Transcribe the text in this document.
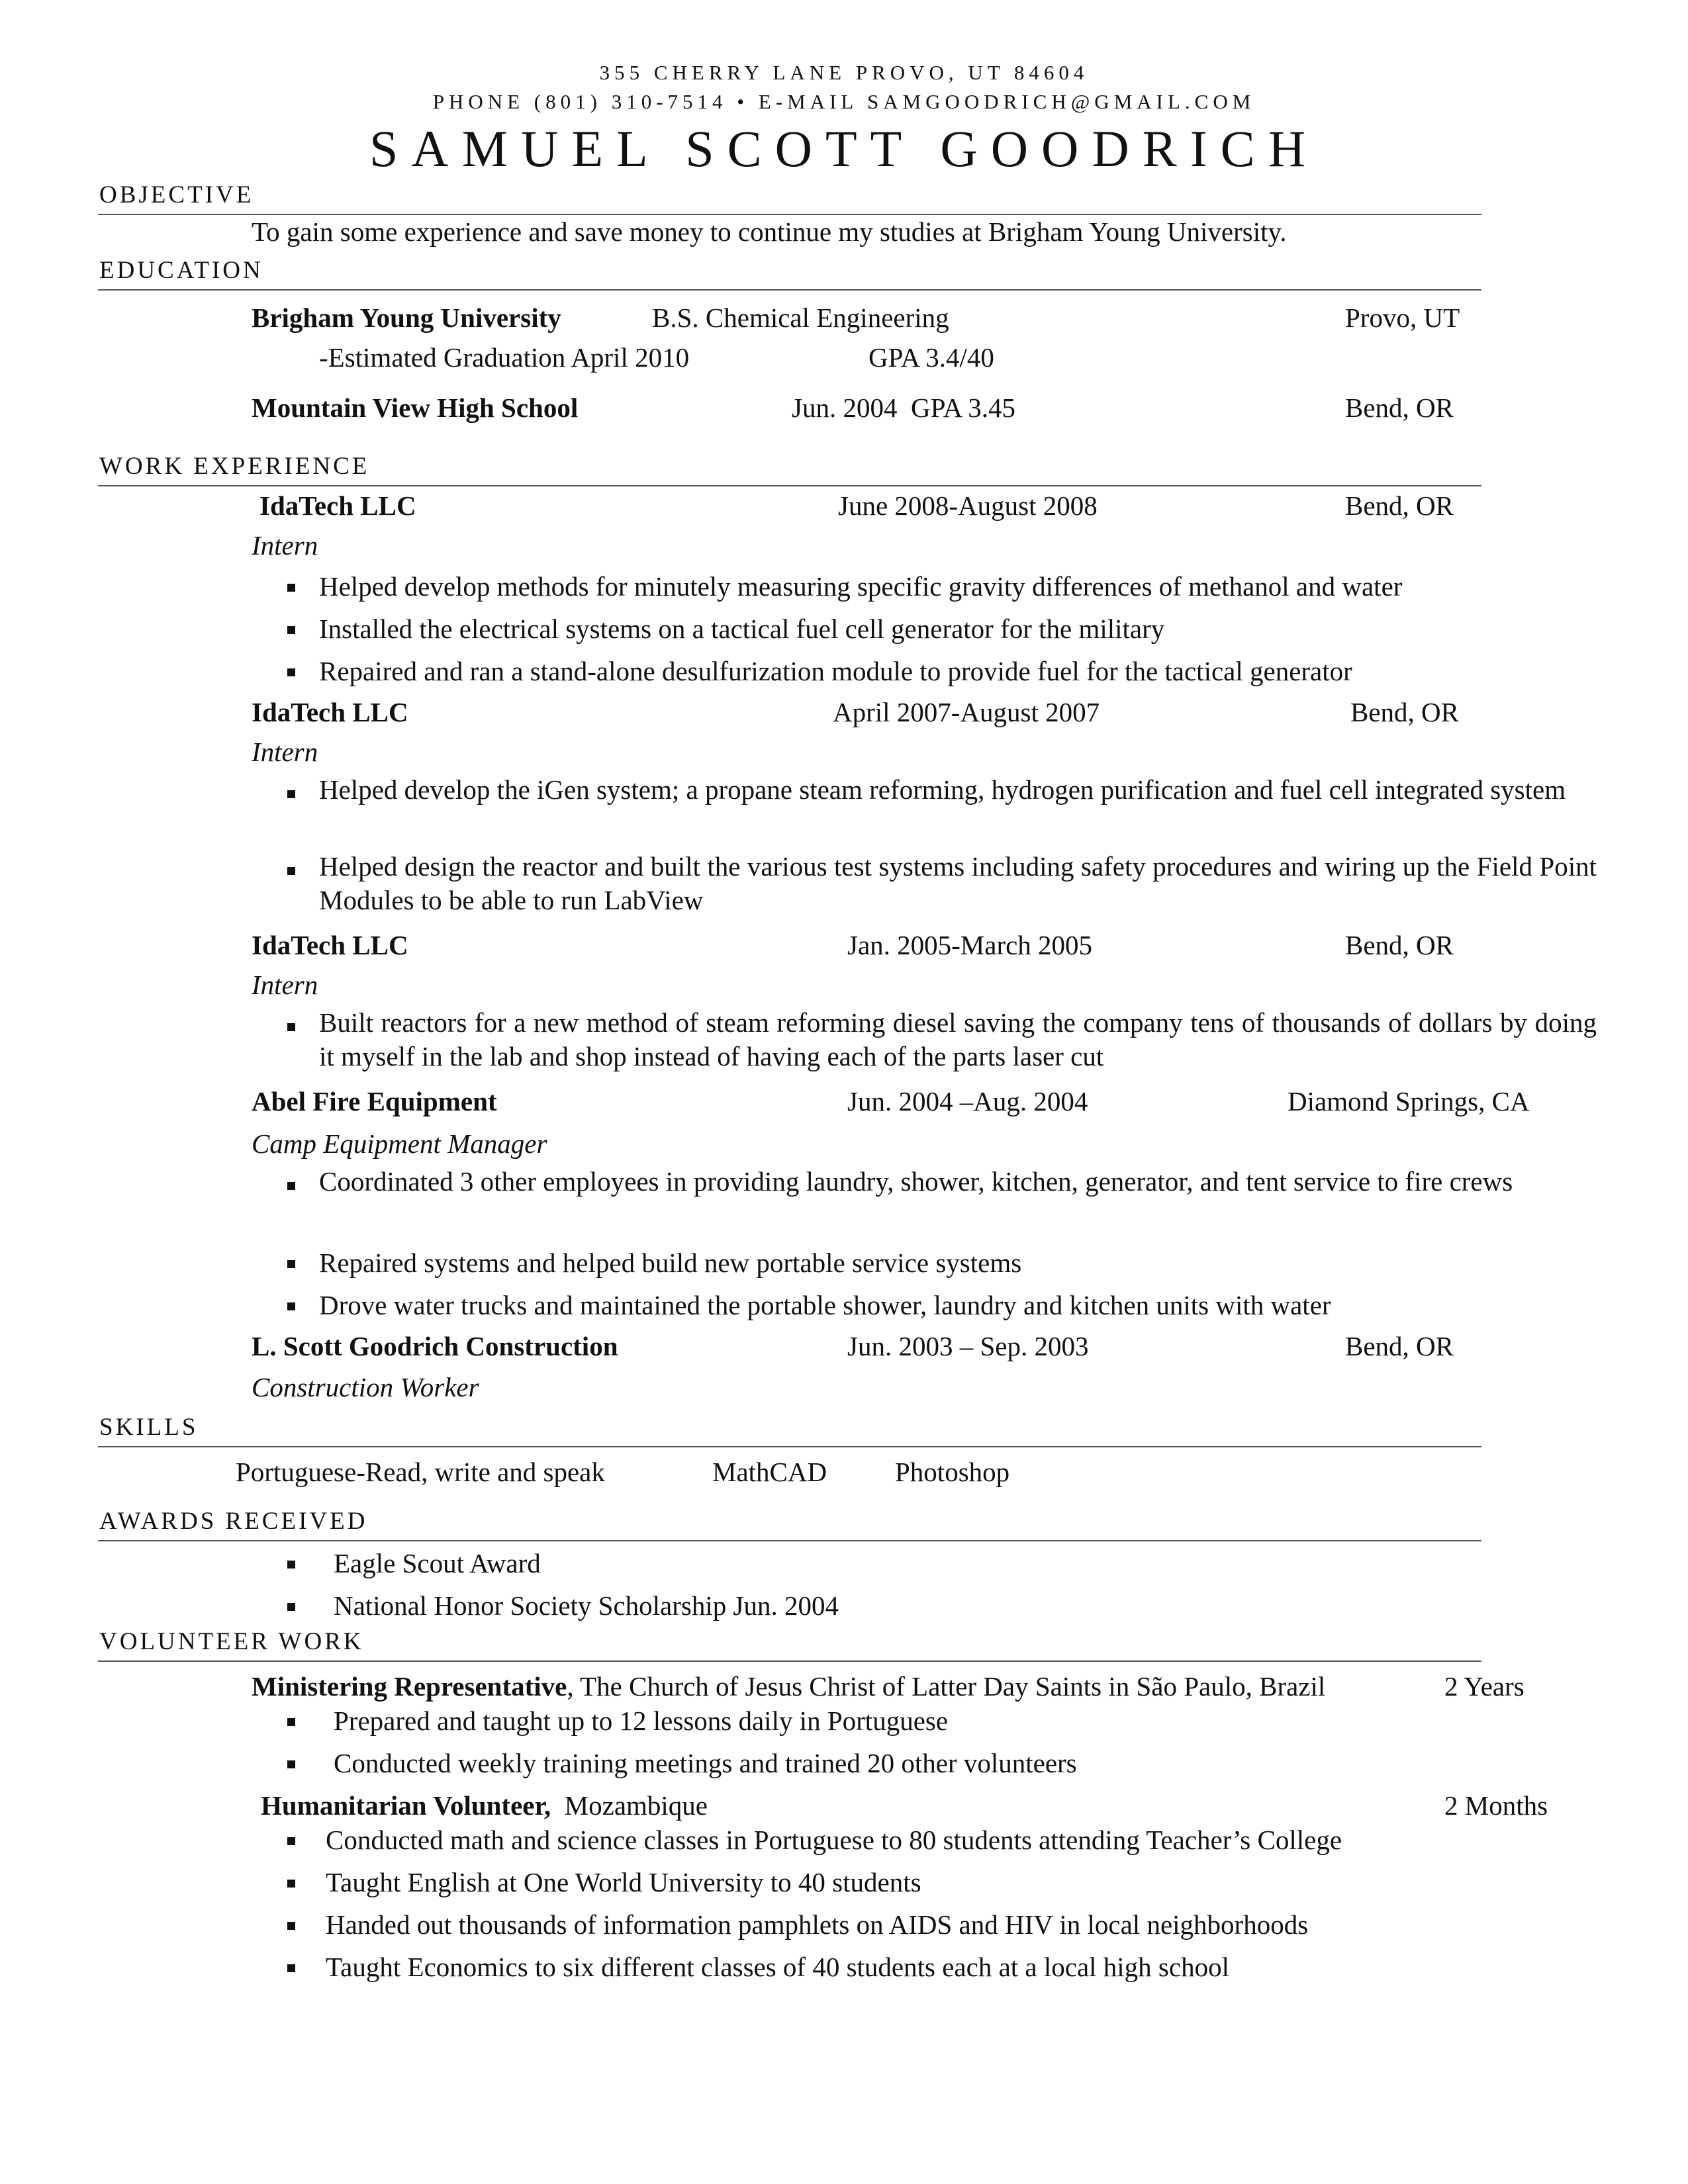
355 CHERRY LANE PROVO, UT 84604
PHONE (801) 310-7514 • E-MAIL SAMGOODRICH@GMAIL.COM
SAMUEL SCOTT GOODRICH
OBJECTIVE
To gain some experience and save money to continue my studies at Brigham Young University.
EDUCATION
Brigham Young University	B.S. Chemical Engineering	Provo, UT
-Estimated Graduation April 2010	GPA 3.4/40
Mountain View High School	Jun. 2004  GPA 3.45	Bend, OR
WORK EXPERIENCE
IdaTech LLC	June 2008-August 2008	Bend, OR
Intern
Helped develop methods for minutely measuring specific gravity differences of methanol and water
Installed the electrical systems on a tactical fuel cell generator for the military
Repaired and ran a stand-alone desulfurization module to provide fuel for the tactical generator
IdaTech LLC	April 2007-August 2007	Bend, OR
Intern
Helped develop the iGen system; a propane steam reforming, hydrogen purification and fuel cell integrated system
Helped design the reactor and built the various test systems including safety procedures and wiring up the Field Point Modules to be able to run LabView
IdaTech LLC	Jan. 2005-March 2005	Bend, OR
Intern
Built reactors for a new method of steam reforming diesel saving the company tens of thousands of dollars by doing it myself in the lab and shop instead of having each of the parts laser cut
Abel Fire Equipment	Jun. 2004 –Aug. 2004	Diamond Springs, CA
Camp Equipment Manager
Coordinated 3 other employees in providing laundry, shower, kitchen, generator, and tent service to fire crews
Repaired systems and helped build new portable service systems
Drove water trucks and maintained the portable shower, laundry and kitchen units with water
L. Scott Goodrich Construction	Jun. 2003 – Sep. 2003	Bend, OR
Construction Worker
SKILLS
Portuguese-Read, write and speak	MathCAD	Photoshop
AWARDS RECEIVED
Eagle Scout Award
National Honor Society Scholarship Jun. 2004
VOLUNTEER WORK
Ministering Representative, The Church of Jesus Christ of Latter Day Saints in São Paulo, Brazil	2 Years
Prepared and taught up to 12 lessons daily in Portuguese
Conducted weekly training meetings and trained 20 other volunteers
Humanitarian Volunteer, Mozambique	2 Months
Conducted math and science classes in Portuguese to 80 students attending Teacher’s College
Taught English at One World University to 40 students
Handed out thousands of information pamphlets on AIDS and HIV in local neighborhoods
Taught Economics to six different classes of 40 students each at a local high school
